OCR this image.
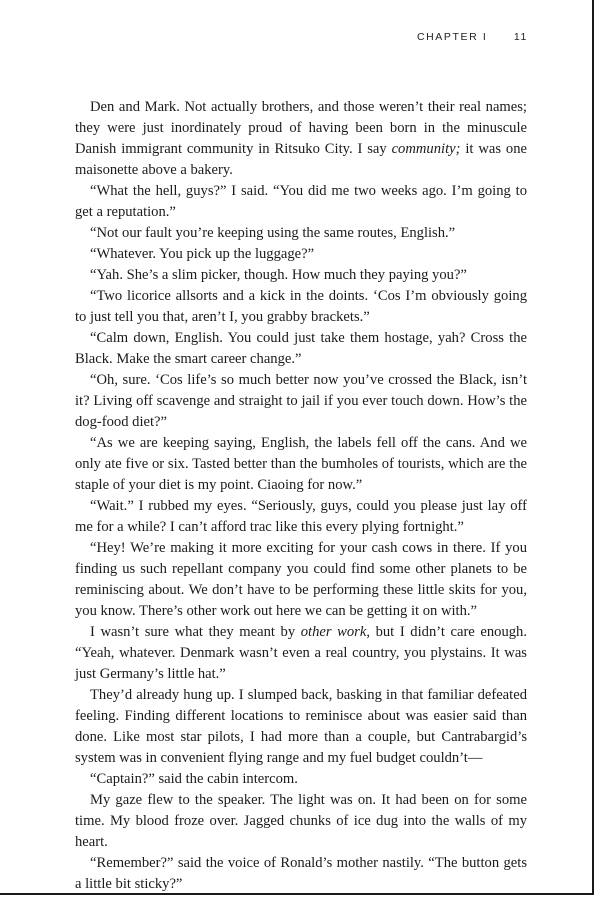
CHAPTER I	11

Den and Mark. Not actually brothers, and those weren’t their real names; they were just inordinately proud of having been born in the minuscule Danish immigrant community in Ritsuko City. I say community; it was one maisonette above a bakery.

“What the hell, guys?” I said. “You did me two weeks ago. I’m going to get a reputation.”

“Not our fault you’re keeping using the same routes, English.”

“Whatever. You pick up the luggage?”

“Yah. She’s a slim picker, though. How much they paying you?”

“Two licorice allsorts and a kick in the doints. ‘Cos I’m obviously going to just tell you that, aren’t I, you grabby brackets.”

“Calm down, English. You could just take them hostage, yah? Cross the Black. Make the smart career change.”

“Oh, sure. ‘Cos life’s so much better now you’ve crossed the Black, isn’t it? Living off scavenge and straight to jail if you ever touch down. How’s the dog-food diet?”

“As we are keeping saying, English, the labels fell off the cans. And we only ate five or six. Tasted better than the bumholes of tourists, which are the staple of your diet is my point. Ciaoing for now.”

“Wait.” I rubbed my eyes. “Seriously, guys, could you please just lay off me for a while? I can’t afford trac like this every plying fortnight.”

“Hey! We’re making it more exciting for your cash cows in there. If you finding us such repellant company you could find some other planets to be reminiscing about. We don’t have to be performing these little skits for you, you know. There’s other work out here we can be getting it on with.”

I wasn’t sure what they meant by other work, but I didn’t care enough. “Yeah, whatever. Denmark wasn’t even a real country, you plystains. It was just Germany’s little hat.”

They’d already hung up. I slumped back, basking in that familiar defeated feeling. Finding different locations to reminisce about was easier said than done. Like most star pilots, I had more than a couple, but Cantrabargid’s system was in convenient flying range and my fuel budget couldn’t—

“Captain?” said the cabin intercom.

My gaze flew to the speaker. The light was on. It had been on for some time. My blood froze over. Jagged chunks of ice dug into the walls of my heart.

“Remember?” said the voice of Ronald’s mother nastily. “The button gets a little bit sticky?”
